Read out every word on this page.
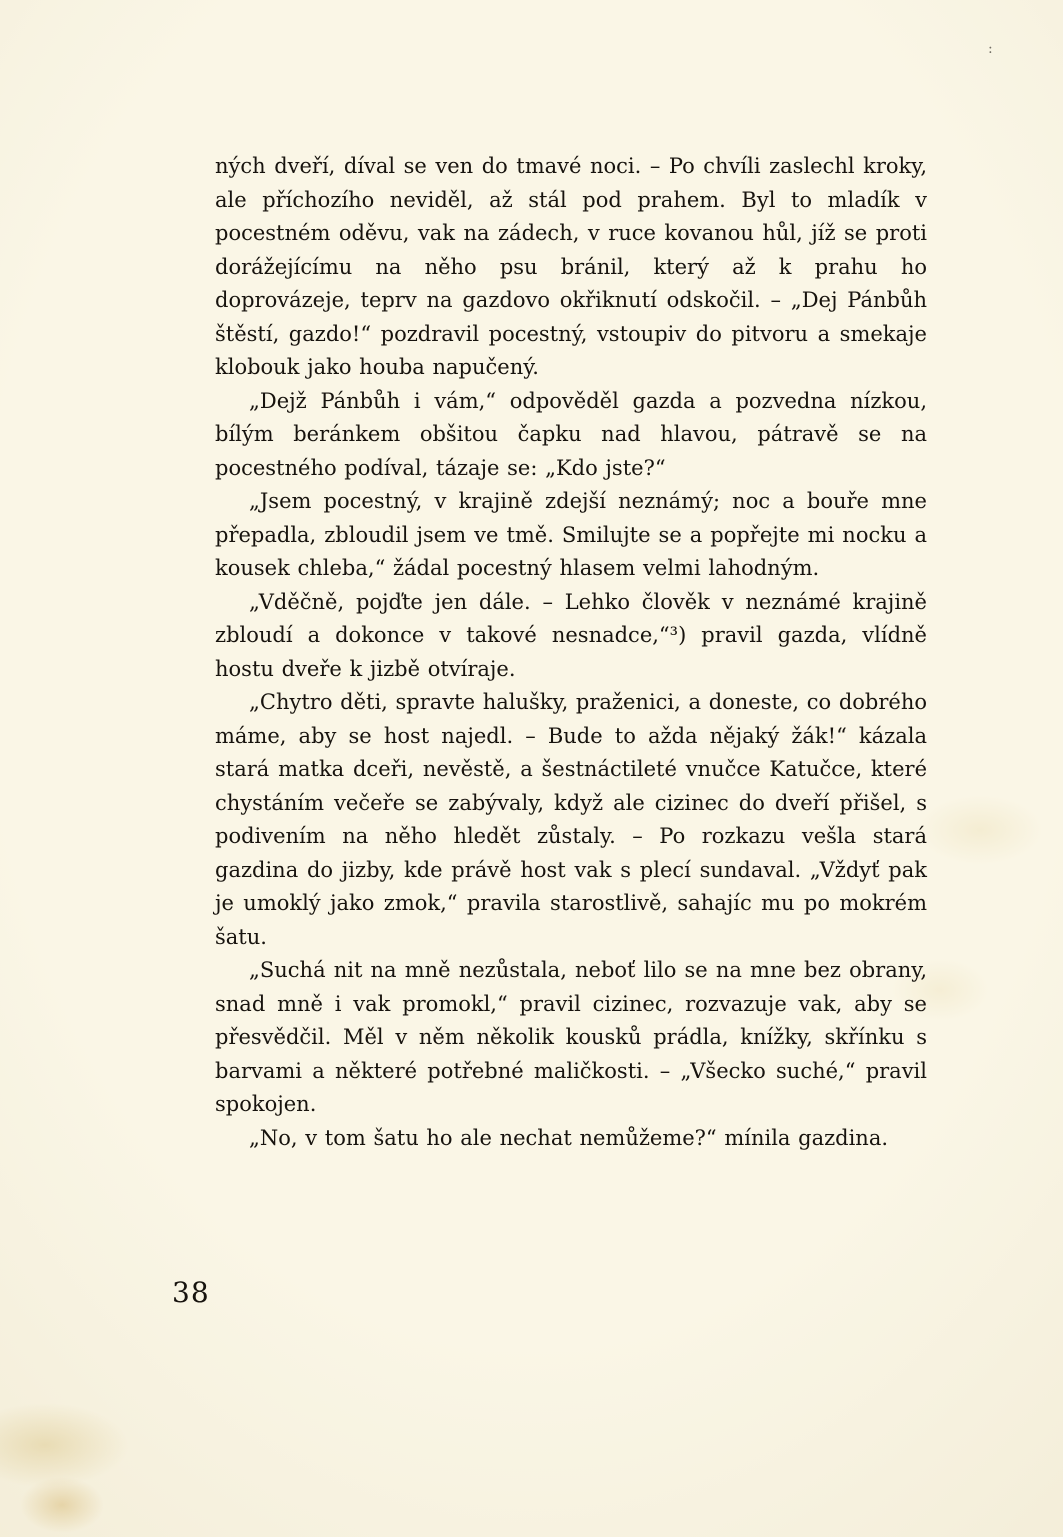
:

ných dveří, díval se ven do tmavé noci. – Po chvíli zaslechl kroky, ale příchozího neviděl, až stál pod prahem. Byl to mladík v pocestném oděvu, vak na zádech, v ruce kovanou hůl, jíž se proti dorážejícímu na něho psu bránil, který až k prahu ho doprovázeje, teprv na gazdovo okřiknutí odskočil. – „Dej Pánbůh štěstí, gazdo!“ pozdravil pocestný, vstoupiv do pitvoru a smekaje klobouk jako houba napučený.

„Dejž Pánbůh i vám,“ odpověděl gazda a pozvedna nízkou, bílým beránkem obšitou čapku nad hlavou, pátravě se na pocestného podíval, tázaje se: „Kdo jste?“

„Jsem pocestný, v krajině zdejší neznámý; noc a bouře mne přepadla, zbloudil jsem ve tmě. Smilujte se a popřejte mi nocku a kousek chleba,“ žádal pocestný hlasem velmi lahodným.

„Vděčně, pojďte jen dále. – Lehko člověk v neznámé krajině zbloudí a dokonce v takové nesnadce,“³) pravil gazda, vlídně hostu dveře k jizbě otvíraje.

„Chytro děti, spravte halušky, praženici, a doneste, co dobrého máme, aby se host najedl. – Bude to ažda nějaký žák!“ kázala stará matka dceři, nevěstě, a šestnáctileté vnučce Katučce, které chystáním večeře se zabývaly, když ale cizinec do dveří přišel, s podivením na něho hledět zůstaly. – Po rozkazu vešla stará gazdina do jizby, kde právě host vak s plecí sundaval. „Vždyť pak je umoklý jako zmok,“ pravila starostlivě, sahajíc mu po mokrém šatu.

„Suchá nit na mně nezůstala, neboť lilo se na mne bez obrany, snad mně i vak promokl,“ pravil cizinec, rozvazuje vak, aby se přesvědčil. Měl v něm několik kousků prádla, knížky, skřínku s barvami a některé potřebné maličkosti. – „Všecko suché,“ pravil spokojen.

„No, v tom šatu ho ale nechat nemůžeme?“ mínila gazdina.

38
